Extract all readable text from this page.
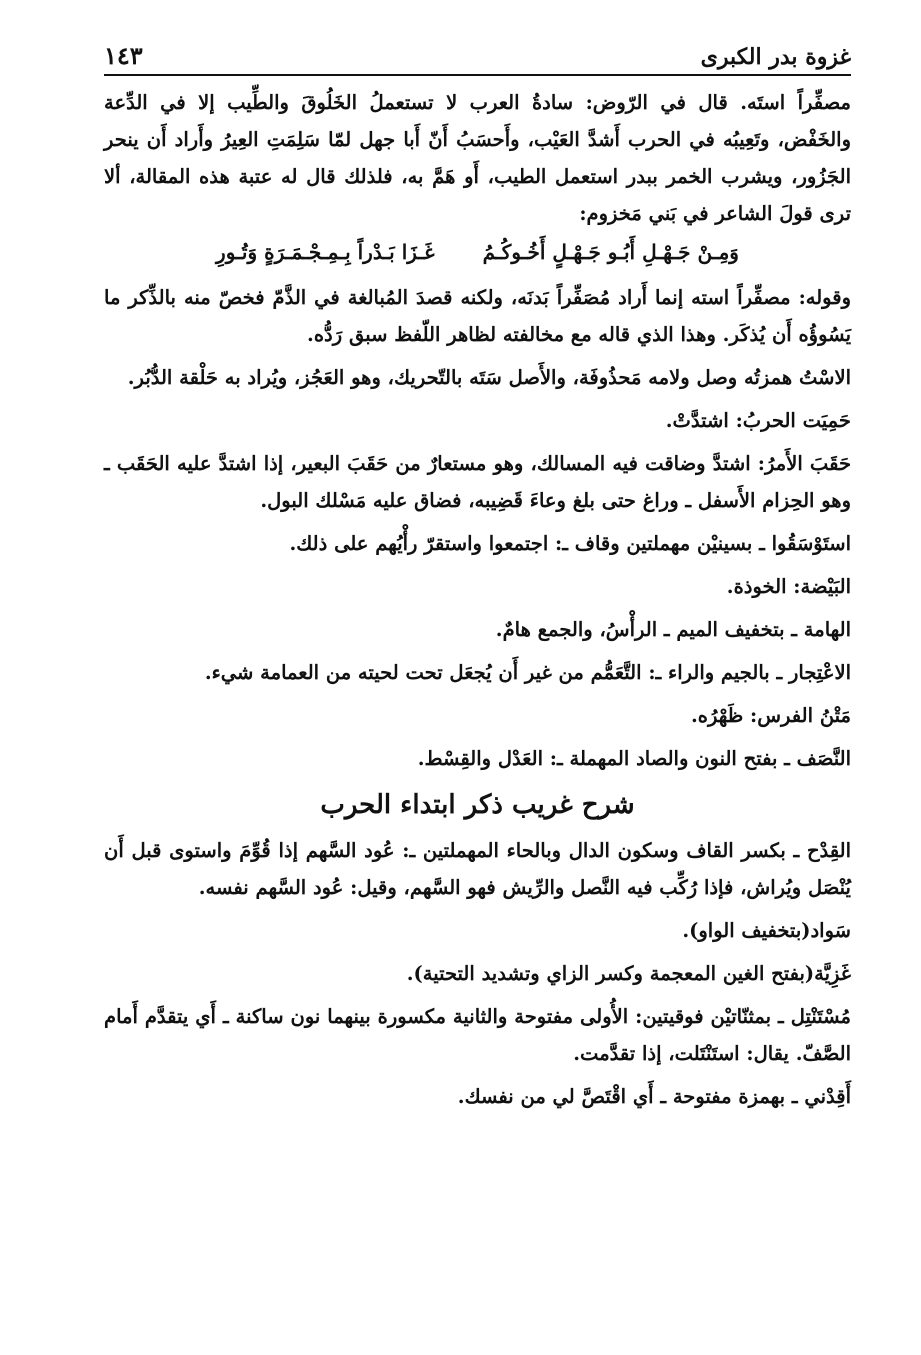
غزوة بدر الكبرى
١٤٣

مصفِّراً استَه. قال في الرّوض: سادةُ العرب لا تستعملُ الخَلُوقَ والطِّيب إلا في الدِّعة والخَفْض، وتَعِيبُه في الحرب أَشدَّ العَيْب، وأَحسَبُ أَنّ أَبا جهل لمّا سَلِمَتِ العِيرُ وأَراد أَن ينحر الجَزُور، ويشرب الخمر ببدر استعمل الطيب، أَو هَمَّ به، فلذلك قال له عتبة هذه المقالة، ألا ترى قولَ الشاعر في بَني مَخزوم:

وَمِـنْ جَـهْـلِ أَبُـو جَـهْـلٍ أَخُـوكُـمُ
غَـزَا بَـدْراً بِـمِـجْـمَـرَةٍ وَتُـورِ

وقوله: مصفِّراً استه إنما أَراد مُصَفِّراً بَدنَه، ولكنه قصدَ المُبالغة في الذَّمّ فخصّ منه بالذِّكر ما يَسُوؤُه أَن يُذكَر. وهذا الذي قاله مع مخالفته لظاهر اللّفظ سبق رَدُّه.

الاسْتُ همزتُه وصل ولامه مَحذُوفَة، والأَصل سَتَه بالتّحريك، وهو العَجُز، ويُراد به حَلْقة الدُّبُر.

حَمِيَت الحربُ: اشتدَّتْ.

حَقَبَ الأَمرُ: اشتدَّ وضاقت فيه المسالك، وهو مستعارٌ من حَقَبَ البعير، إذا اشتدَّ عليه الحَقَب ـ وهو الحِزام الأَسفل ـ وراغ حتى بلغ وعاءَ قَضِيبه، فضاق عليه مَسْلك البول.

استَوْسَقُوا ـ بسينيْن مهملتين وقاف ـ: اجتمعوا واستقرّ رأْيُهم على ذلك.

البَيْضة: الخوذة.

الهامة ـ بتخفيف الميم ـ الرأْسُ، والجمع هامٌ.

الاعْتِجار ـ بالجيم والراء ـ: التَّعَمُّم من غير أَن يُجعَل تحت لحيته من العمامة شيء.

مَتْنُ الفرس: ظَهْرُه.

النَّصَف ـ بفتح النون والصاد المهملة ـ: العَدْل والقِسْط.

شرح غريب ذكر ابتداء الحرب

القِدْح ـ بكسر القاف وسكون الدال وبالحاء المهملتين ـ: عُود السَّهم إذا قُوِّمَ واستوى قبل أَن يُنْصَل ويُراش، فإذا رُكِّب فيه النَّصل والرِّيش فهو السَّهم، وقيل: عُود السَّهم نفسه.

سَواد(بتخفيف الواو).

غَزِيَّة(بفتح الغين المعجمة وكسر الزاي وتشديد التحتية).

مُسْتَنْتِل ـ بمثنّاتيْن فوقيتين: الأُولى مفتوحة والثانية مكسورة بينهما نون ساكنة ـ أَي يتقدَّم أَمام الصَّفّ. يقال: استَنْتَلت، إذا تقدَّمت.

أَقِدْني ـ بهمزة مفتوحة ـ أَي اقْتَصَّ لي من نفسك.
